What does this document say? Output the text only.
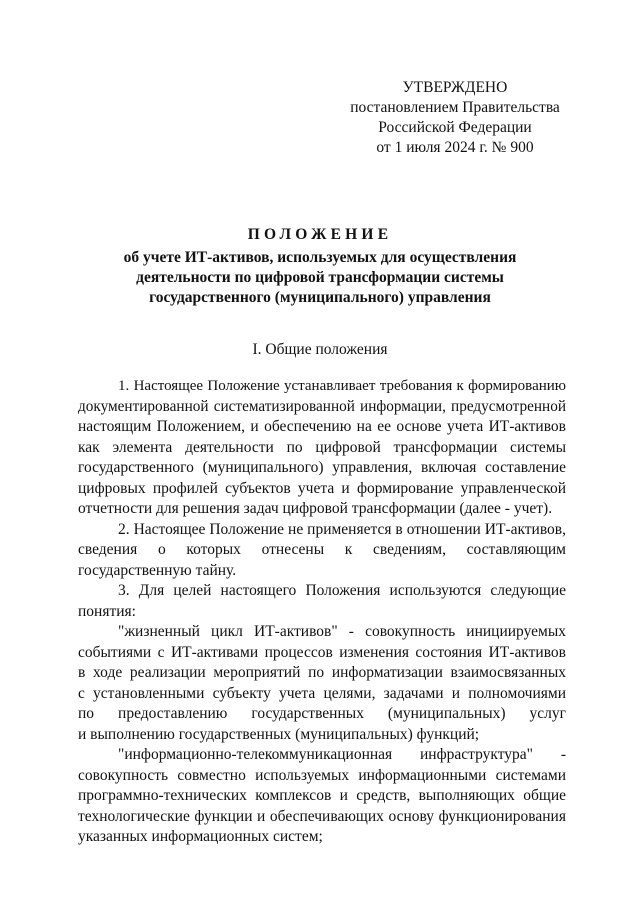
УТВЕРЖДЕНО
постановлением Правительства
Российской Федерации
от 1 июля 2024 г. № 900
ПОЛОЖЕНИЕ
об учете ИТ-активов, используемых для осуществления
деятельности по цифровой трансформации системы
государственного (муниципального) управления
I. Общие положения

1. Настоящее Положение устанавливает требования к формированию
документированной систематизированной информации, предусмотренной
настоящим Положением, и обеспечению на ее основе учета ИТ-активов
как элемента деятельности по цифровой трансформации системы
государственного (муниципального) управления, включая составление
цифровых профилей субъектов учета и формирование управленческой
отчетности для решения задач цифровой трансформации (далее - учет).

2. Настоящее Положение не применяется в отношении ИТ-активов,
сведения о которых отнесены к сведениям, составляющим
государственную тайну.

3. Для целей настоящего Положения используются следующие
понятия:

"жизненный цикл ИТ-активов" - совокупность инициируемых
событиями с ИТ-активами процессов изменения состояния ИТ-активов
в ходе реализации мероприятий по информатизации взаимосвязанных
с установленными субъекту учета целями, задачами и полномочиями
по предоставлению государственных (муниципальных) услуг
и выполнению государственных (муниципальных) функций;

"информационно-телекоммуникационная инфраструктура" -
совокупность совместно используемых информационными системами
программно-технических комплексов и средств, выполняющих общие
технологические функции и обеспечивающих основу функционирования
указанных информационных систем;
